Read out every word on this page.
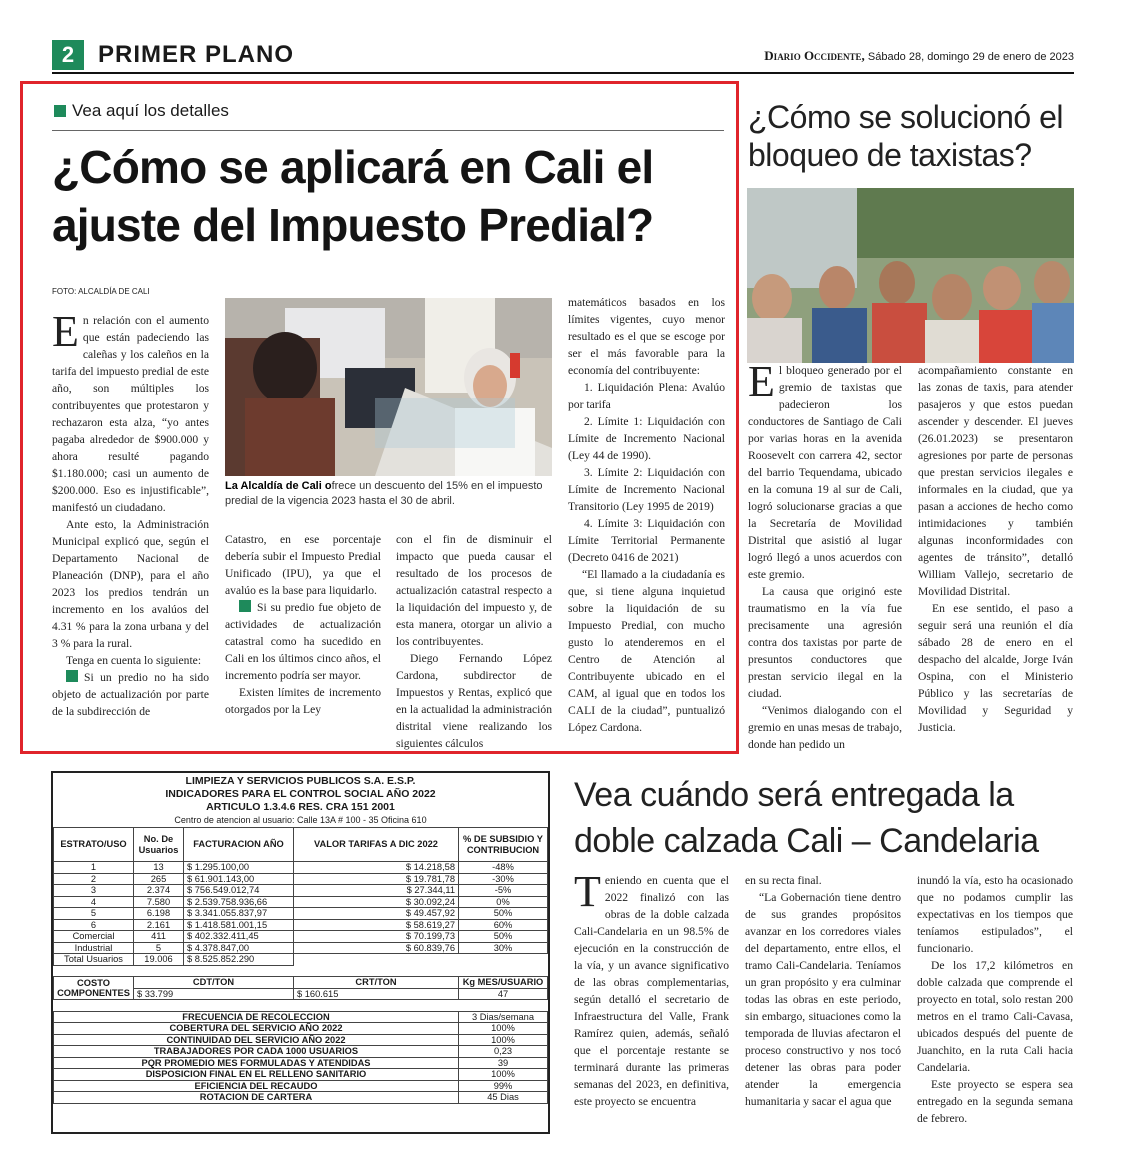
2 PRIMER PLANO	Diario Occidente, Sábado 28, domingo 29 de enero de 2023
Vea aquí los detalles
¿Cómo se aplicará en Cali el ajuste del Impuesto Predial?
FOTO: ALCALDÍA DE CALI

En relación con el aumento que están padeciendo las caleñas y los caleños en la tarifa del impuesto predial de este año, son múltiples los contribuyentes que protestaron y rechazaron esta alza, “yo antes pagaba alrededor de $900.000 y ahora resulté pagando $1.180.000; casi un aumento de $200.000. Eso es injustificable”, manifestó un ciudadano.

Ante esto, la Administración Municipal explicó que, según el Departamento Nacional de Planeación (DNP), para el año 2023 los predios tendrán un incremento en los avalúos del 4.31 % para la zona urbana y del 3 % para la rural.

Tenga en cuenta lo siguiente:

Si un predio no ha sido objeto de actualización por parte de la subdirección de

La Alcaldía de Cali ofrece un descuento del 15% en el impuesto predial de la vigencia 2023 hasta el 30 de abril.

Catastro, en ese porcentaje debería subir el Impuesto Predial Unificado (IPU), ya que el avalúo es la base para liquidarlo.

Si su predio fue objeto de actividades de actualización catastral como ha sucedido en Cali en los últimos cinco años, el incremento podría ser mayor.

Existen límites de incremento otorgados por la Ley

con el fin de disminuir el impacto que pueda causar el resultado de los procesos de actualización catastral respecto a la liquidación del impuesto y, de esta manera, otorgar un alivio a los contribuyentes.

Diego Fernando López Cardona, subdirector de Impuestos y Rentas, explicó que en la actualidad la administración distrital viene realizando los siguientes cálculos

matemáticos basados en los límites vigentes, cuyo menor resultado es el que se escoge por ser el más favorable para la economía del contribuyente:

1. Liquidación Plena: Avalúo por tarifa

2. Límite 1: Liquidación con Límite de Incremento Nacional (Ley 44 de 1990).

3. Límite 2: Liquidación con Límite de Incremento Nacional Transitorio (Ley 1995 de 2019)

4. Límite 3: Liquidación con Límite Territorial Permanente (Decreto 0416 de 2021)

“El llamado a la ciudadanía es que, si tiene alguna inquietud sobre la liquidación de su Impuesto Predial, con mucho gusto lo atenderemos en el Centro de Atención al Contribuyente ubicado en el CAM, al igual que en todos los CALI de la ciudad”, puntualizó López Cardona.

¿Cómo se solucionó el bloqueo de taxistas?

El bloqueo generado por el gremio de taxistas que padecieron los conductores de Santiago de Cali por varias horas en la avenida Roosevelt con carrera 42, sector del barrio Tequendama, ubicado en la comuna 19 al sur de Cali, logró solucionarse gracias a que la Secretaría de Movilidad Distrital que asistió al lugar logró llegó a unos acuerdos con este gremio.

La causa que originó este traumatismo en la vía fue precisamente una agresión contra dos taxistas por parte de presuntos conductores que prestan servicio ilegal en la ciudad.

“Venimos dialogando con el gremio en unas mesas de trabajo, donde han pedido un

acompañamiento constante en las zonas de taxis, para atender pasajeros y que estos puedan ascender y descender. El jueves (26.01.2023) se presentaron agresiones por parte de personas que prestan servicios ilegales e informales en la ciudad, que ya pasan a acciones de hecho como intimidaciones y también algunas inconformidades con agentes de tránsito”, detalló William Vallejo, secretario de Movilidad Distrital.

En ese sentido, el paso a seguir será una reunión el día sábado 28 de enero en el despacho del alcalde, Jorge Iván Ospina, con el Ministerio Público y las secretarías de Movilidad y Seguridad y Justicia.

LIMPIEZA Y SERVICIOS PUBLICOS S.A. E.S.P.
INDICADORES PARA EL CONTROL SOCIAL AÑO 2022
ARTICULO 1.3.4.6 RES. CRA 151 2001
Centro de atencion al usuario: Calle 13A # 100 - 35 Oficina 610
ESTRATO/USO	No. De Usuarios	FACTURACION AÑO	VALOR TARIFAS A DIC 2022	% DE SUBSIDIO Y CONTRIBUCION
1	13	$ 1.295.100,00	$ 14.218,58	-48%
2	265	$ 61.901.143,00	$ 19.781,78	-30%
3	2.374	$ 756.549.012,74	$ 27.344,11	-5%
4	7.580	$ 2.539.758.936,66	$ 30.092,24	0%
5	6.198	$ 3.341.055.837,97	$ 49.457,92	50%
6	2.161	$ 1.418.581.001,15	$ 58.619,27	60%
Comercial	411	$ 402.332.411,45	$ 70.199,73	50%
Industrial	5	$ 4.378.847,00	$ 60.839,76	30%
Total Usuarios	19.006	$ 8.525.852.290		

COSTO COMPONENTES	CDT/TON		CRT/TON	Kg MES/USUARIO
	$ 33.799		$ 160.615	47

FRECUENCIA DE RECOLECCION				3 Dias/semana
COBERTURA DEL SERVICIO AÑO 2022				100%
CONTINUIDAD DEL SERVICIO AÑO 2022				100%
TRABAJADORES POR CADA 1000 USUARIOS				0,23
PQR PROMEDIO MES FORMULADAS Y ATENDIDAS				39
DISPOSICION FINAL EN EL RELLENO SANITARIO				100%
EFICIENCIA DEL RECAUDO				99%
ROTACION DE CARTERA				45 Dias
Vea cuándo será entregada la doble calzada Cali – Candelaria

Teniendo en cuenta que el 2022 finalizó con las obras de la doble calzada Cali-Candelaria en un 98.5% de ejecución en la construcción de la vía, y un avance significativo de las obras complementarias, según detalló el secretario de Infraestructura del Valle, Frank Ramírez quien, además, señaló que el porcentaje restante se terminará durante las primeras semanas del 2023, en definitiva, este proyecto se encuentra

en su recta final.

“La Gobernación tiene dentro de sus grandes propósitos avanzar en los corredores viales del departamento, entre ellos, el tramo Cali-Candelaria. Teníamos un gran propósito y era culminar todas las obras en este periodo, sin embargo, situaciones como la temporada de lluvias afectaron el proceso constructivo y nos tocó detener las obras para poder atender la emergencia humanitaria y sacar el agua que

inundó la vía, esto ha ocasionado que no podamos cumplir las expectativas en los tiempos que teníamos estipulados”, el funcionario.

De los 17,2 kilómetros en doble calzada que comprende el proyecto en total, solo restan 200 metros en el tramo Cali-Cavasa, ubicados después del puente de Juanchito, en la ruta Cali hacia Candelaria.

Este proyecto se espera sea entregado en la segunda semana de febrero.
